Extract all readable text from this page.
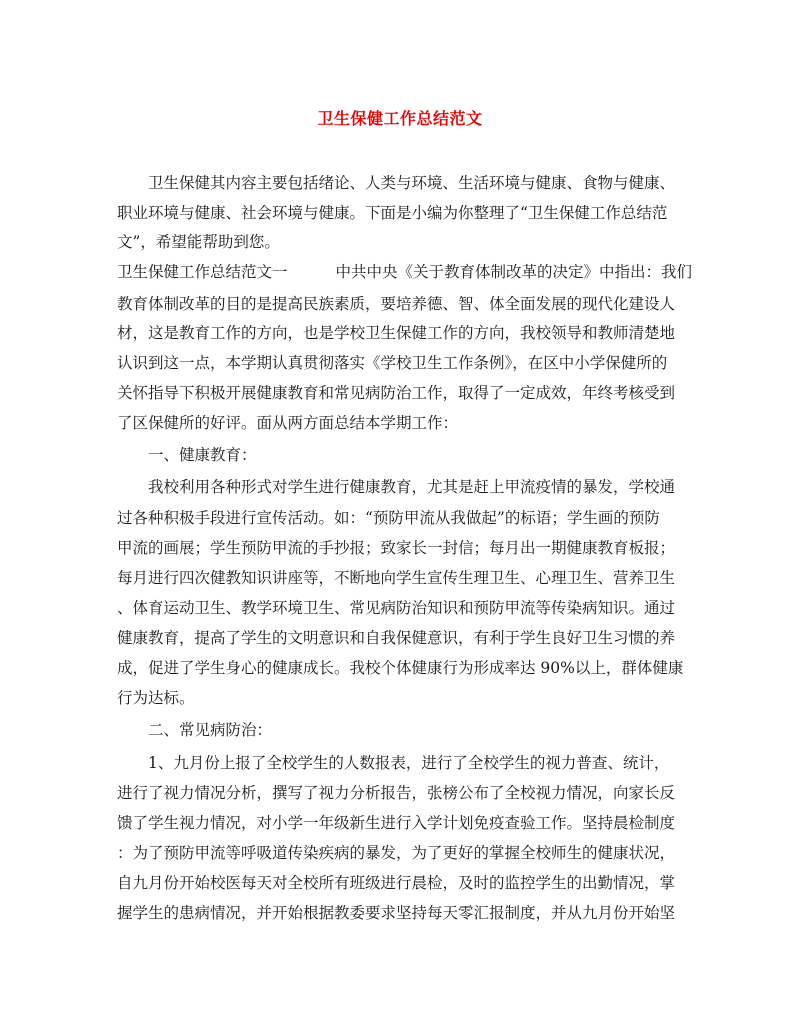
卫生保健工作总结范文

卫生保健其内容主要包括绪论、人类与环境、生活环境与健康、食物与健康、

职业环境与健康、社会环境与健康。下面是小编为你整理了“卫生保健工作总结范

文”，希望能帮助到您。

卫生保健工作总结范文一	中共中央《关于教育体制改革的决定》中指出：我们

教育体制改革的目的是提高民族素质，要培养德、智、体全面发展的现代化建设人

材，这是教育工作的方向，也是学校卫生保健工作的方向，我校领导和教师清楚地

认识到这一点，本学期认真贯彻落实《学校卫生工作条例》，在区中小学保健所的

关怀指导下积极开展健康教育和常见病防治工作，取得了一定成效，年终考核受到

了区保健所的好评。面从两方面总结本学期工作：

一、健康教育：

我校利用各种形式对学生进行健康教育，尤其是赶上甲流疫情的暴发，学校通

过各种积极手段进行宣传活动。如：“预防甲流从我做起”的标语；学生画的预防

甲流的画展；学生预防甲流的手抄报；致家长一封信；每月出一期健康教育板报；

每月进行四次健教知识讲座等，不断地向学生宣传生理卫生、心理卫生、营养卫生

、体育运动卫生、教学环境卫生、常见病防治知识和预防甲流等传染病知识。通过

健康教育，提高了学生的文明意识和自我保健意识，有利于学生良好卫生习惯的养

成，促进了学生身心的健康成长。我校个体健康行为形成率达 90%以上，群体健康

行为达标。

二、常见病防治：

1、九月份上报了全校学生的人数报表，进行了全校学生的视力普查、统计，

进行了视力情况分析，撰写了视力分析报告，张榜公布了全校视力情况，向家长反

馈了学生视力情况，对小学一年级新生进行入学计划免疫查验工作。坚持晨检制度

：为了预防甲流等呼吸道传染疾病的暴发，为了更好的掌握全校师生的健康状况，

自九月份开始校医每天对全校所有班级进行晨检，及时的监控学生的出勤情况，掌

握学生的患病情况，并开始根据教委要求坚持每天零汇报制度，并从九月份开始坚
